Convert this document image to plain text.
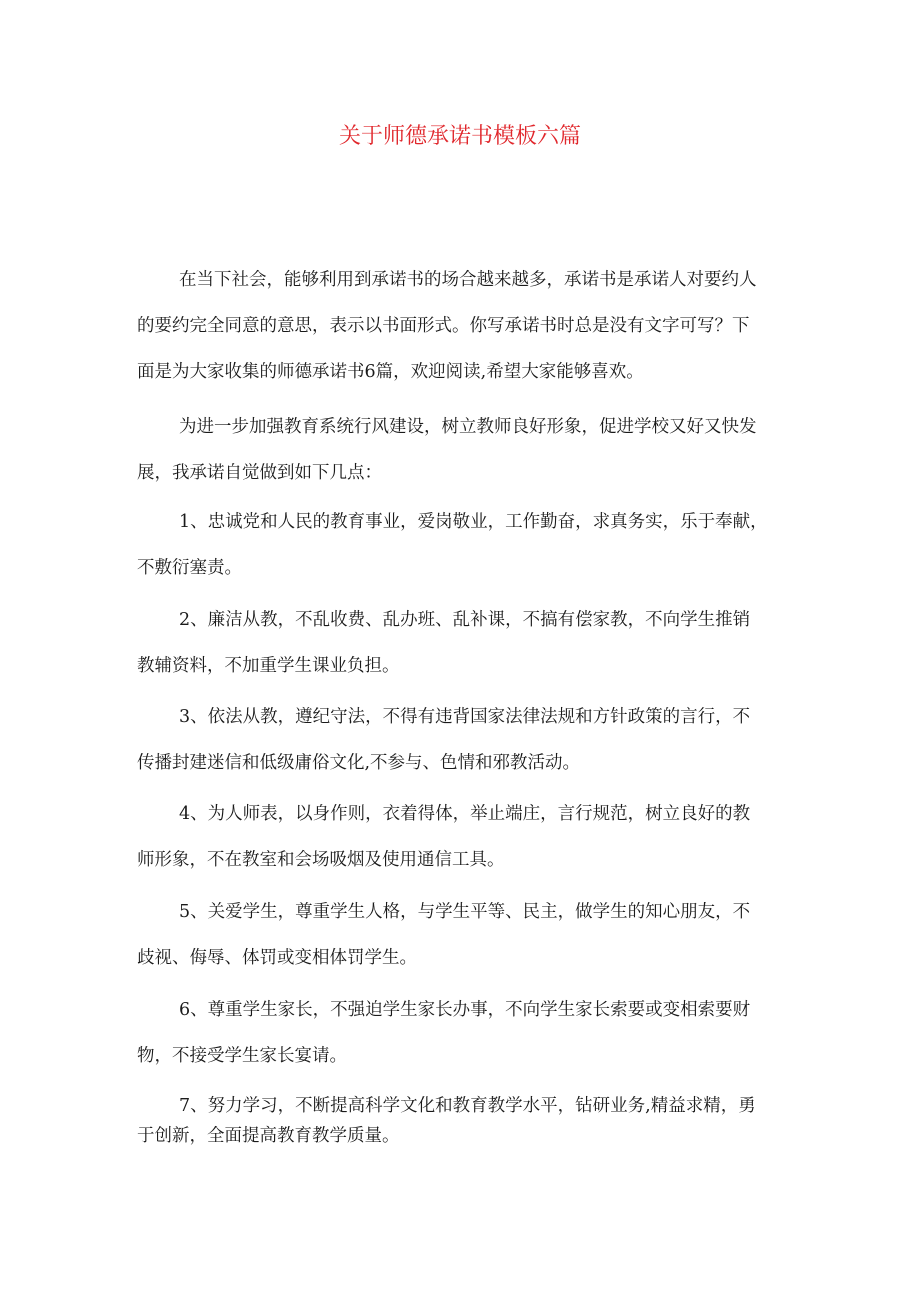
关于师德承诺书模板六篇
在当下社会，能够利用到承诺书的场合越来越多，承诺书是承诺人对要约人
的要约完全同意的意思，表示以书面形式。你写承诺书时总是没有文字可写？下
面是为大家收集的师德承诺书6篇，欢迎阅读,希望大家能够喜欢。
为进一步加强教育系统行风建设，树立教师良好形象，促进学校又好又快发
展，我承诺自觉做到如下几点：
1、忠诚党和人民的教育事业，爱岗敬业，工作勤奋，求真务实，乐于奉献，
不敷衍塞责。
2、廉洁从教，不乱收费、乱办班、乱补课，不搞有偿家教，不向学生推销
教辅资料，不加重学生课业负担。
3、依法从教，遵纪守法，不得有违背国家法律法规和方针政策的言行，不
传播封建迷信和低级庸俗文化,不参与、色情和邪教活动。
4、为人师表，以身作则，衣着得体，举止端庄，言行规范，树立良好的教
师形象，不在教室和会场吸烟及使用通信工具。
5、关爱学生，尊重学生人格，与学生平等、民主，做学生的知心朋友，不
歧视、侮辱、体罚或变相体罚学生。
6、尊重学生家长，不强迫学生家长办事，不向学生家长索要或变相索要财
物，不接受学生家长宴请。
7、努力学习，不断提高科学文化和教育教学水平，钻研业务,精益求精，勇
于创新，全面提高教育教学质量。
